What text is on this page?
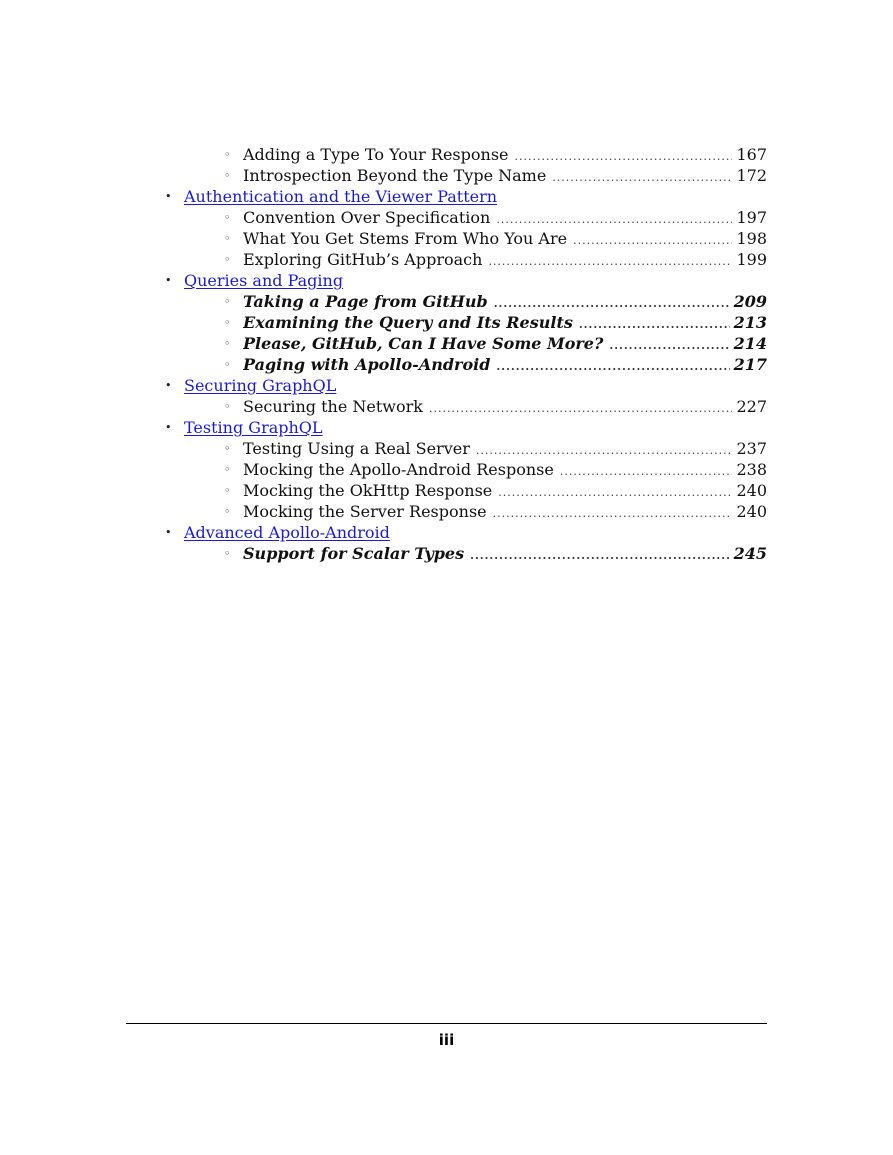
◦ Adding a Type To Your Response .....	167
◦ Introspection Beyond the Type Name .....	172
• Authentication and the Viewer Pattern
◦ Convention Over Specification .....	197
◦ What You Get Stems From Who You Are .....	198
◦ Exploring GitHub’s Approach .....	199
• Queries and Paging
◦ Taking a Page from GitHub .....	209
◦ Examining the Query and Its Results .....	213
◦ Please, GitHub, Can I Have Some More? .....	214
◦ Paging with Apollo-Android .....	217
• Securing GraphQL
◦ Securing the Network .....	227
• Testing GraphQL
◦ Testing Using a Real Server .....	237
◦ Mocking the Apollo-Android Response .....	238
◦ Mocking the OkHttp Response .....	240
◦ Mocking the Server Response .....	240
• Advanced Apollo-Android
◦ Support for Scalar Types .....	245
iii
